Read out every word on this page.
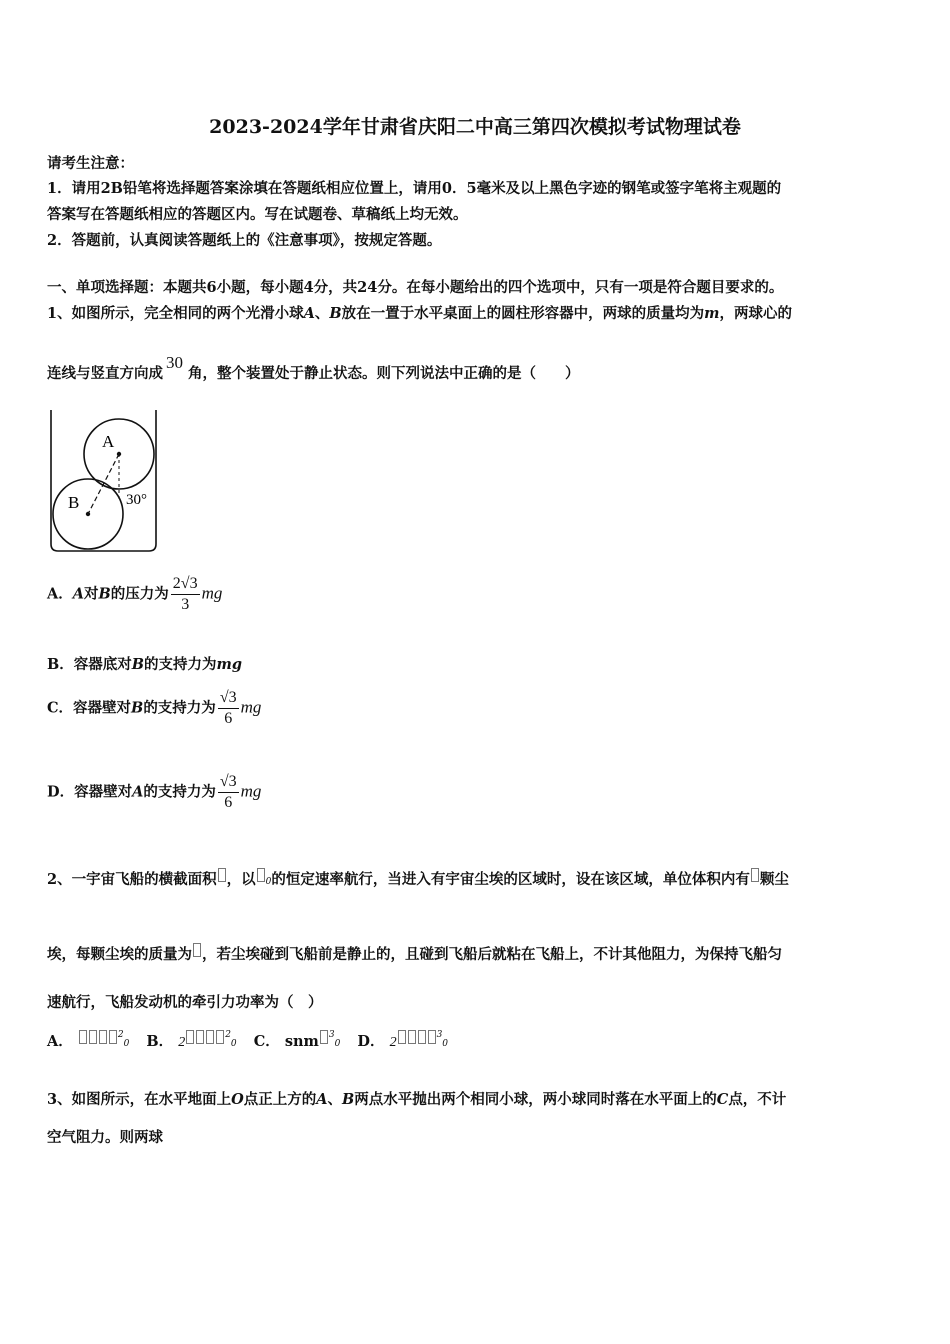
2023-2024学年甘肃省庆阳二中高三第四次模拟考试物理试卷
请考生注意：
1．请用2B铅笔将选择题答案涂填在答题纸相应位置上，请用0．5毫米及以上黑色字迹的钢笔或签字笔将主观题的
答案写在答题纸相应的答题区内。写在试题卷、草稿纸上均无效。
2．答题前，认真阅读答题纸上的《注意事项》，按规定答题。
一、单项选择题：本题共6小题，每小题4分，共24分。在每小题给出的四个选项中，只有一项是符合题目要求的。
1、如图所示，完全相同的两个光滑小球A、B放在一置于水平桌面上的圆柱形容器中，两球的质量均为m，两球心的
连线与竖直方向成30 角，整个装置处于静止状态。则下列说法中正确的是（　　）
A
B	30°
A．A对B的压力为 $\frac{2√3}{3}$ mg
B．容器底对B的支持力为mg
C．容器壁对B的支持力为 $\frac{√3}{6}$ mg
D．容器壁对A的支持力为 $\frac{√3}{6}$ mg
2、一宇宙飞船的横截面积 ，以 0的恒定速率航行，当进入有宇宙尘埃的区域时，设在该区域，单位体积内有 颗尘
埃，每颗尘埃的质量为 ，若尘埃碰到飞船前是静止的，且碰到飞船后就粘在飞船上，不计其他阻力，为保持飞船匀
速航行，飞船发动机的牵引力功率为（　）
A．	$^2$0 B． 2	$^2$0 C． snm $^3$0 D． 2	$^3$0
3、如图所示，在水平地面上O点正上方的A、B两点水平抛出两个相同小球，两小球同时落在水平面上的C点，不计
空气阻力。则两球
